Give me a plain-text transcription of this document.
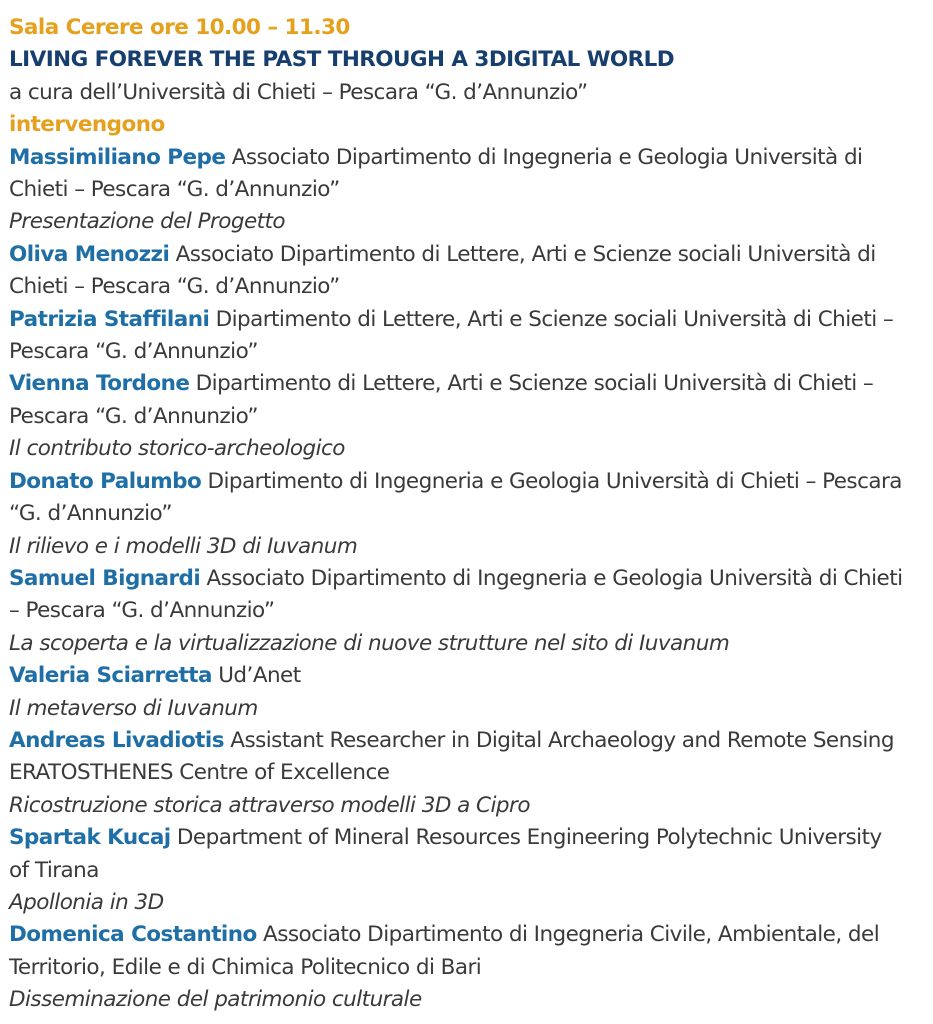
Sala Cerere ore 10.00 – 11.30
LIVING FOREVER THE PAST THROUGH A 3DIGITAL WORLD
a cura dell’Università di Chieti – Pescara “G. d’Annunzio”
intervengono
Massimiliano Pepe Associato Dipartimento di Ingegneria e Geologia Università di
Chieti – Pescara “G. d’Annunzio”
Presentazione del Progetto
Oliva Menozzi Associato Dipartimento di Lettere, Arti e Scienze sociali Università di
Chieti – Pescara “G. d’Annunzio”
Patrizia Staffilani Dipartimento di Lettere, Arti e Scienze sociali Università di Chieti –
Pescara “G. d’Annunzio”
Vienna Tordone Dipartimento di Lettere, Arti e Scienze sociali Università di Chieti –
Pescara “G. d’Annunzio”
Il contributo storico-archeologico
Donato Palumbo Dipartimento di Ingegneria e Geologia Università di Chieti – Pescara
“G. d’Annunzio”
Il rilievo e i modelli 3D di Iuvanum
Samuel Bignardi Associato Dipartimento di Ingegneria e Geologia Università di Chieti
– Pescara “G. d’Annunzio”
La scoperta e la virtualizzazione di nuove strutture nel sito di Iuvanum
Valeria Sciarretta Ud’Anet
Il metaverso di Iuvanum
Andreas Livadiotis Assistant Researcher in Digital Archaeology and Remote Sensing
ERATOSTHENES Centre of Excellence
Ricostruzione storica attraverso modelli 3D a Cipro
Spartak Kucaj Department of Mineral Resources Engineering Polytechnic University
of Tirana
Apollonia in 3D
Domenica Costantino Associato Dipartimento di Ingegneria Civile, Ambientale, del
Territorio, Edile e di Chimica Politecnico di Bari
Disseminazione del patrimonio culturale
